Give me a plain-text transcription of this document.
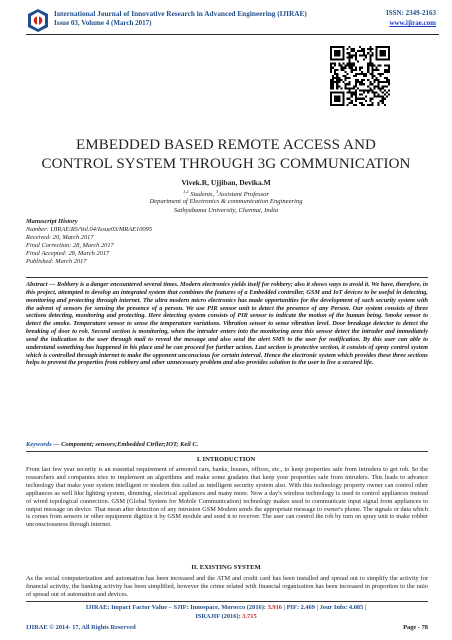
International Journal of Innovative Research in Advanced Engineering (IJIRAE)
Issue 03, Volume 4 (March 2017)
ISSN: 2349-2163
www.ijirae.com
EMBEDDED BASED REMOTE ACCESS AND
CONTROL SYSTEM THROUGH 3G COMMUNICATION
Vivek.R, Ujjiban, Devika.M
$^{1,2}$ Students, $^3$Assistant Professor
Department of Electronics & communication Engineering
Sathyabama University, Chennai, India
Manuscript History
Number: IJIRAE/RS/Vol.04/Issue03/MRAE10095
Received: 20, March 2017
Final Correction: 28, March 2017
Final Accepted: 28, March 2017
Published: March 2017
Abstract — Robbery is a danger encountered several times. Modern electronics yields itself for robbery; also it shows ways to avoid it. We have, therefore, in this project, attempted to develop an integrated system that combines the features of a Embedded controller, GSM and IoT devices to be useful in detecting, monitoring and protecting through internet. The ultra modern micro electronics has made opportunities for the development of such security system with the advent of sensors for sensing the presence of a person. We use PIR sensor unit to detect the presence of any Person. Our system consists of three sections detecting, monitoring and protecting. Here detecting system consists of PIR sensor to indicate the motion of the human being. Smoke sensor to detect the smoke. Temperature sensor to sense the temperature variations. Vibration sensor to sense vibration level. Door breakage detector to detect the breaking of door to rob. Second section is monitoring, when the intruder enters into the monitoring area this sensor detect the intruder and immediately send the indication to the user through mail to reveal the message and also send the alert SMS to the user for notification. By this user can able to understand something has happened in his place and he can proceed for further action. Last section is protective section, it consists of spray control system which is controlled through internet to make the opponent unconscious for certain interval. Hence the electronic system which provides these three sections helps to prevent the properties from robbery and other unnecessary problem and also provides solution to the user to live a secured life.
Keywords — Component; sensors;Embedded Ctrller;IOT; Keil C.
I. INTRODUCTION
From last few year security is an essential requirement of armored cars, banks, houses, offices, etc., to keep properties safe from intruders to get rob. So the researchers and companies tries to implement an algorithms and make some gradates that keep your properties safe from intruders. This leads to advance technology that make your system intelligent or modern this called as intelligent security system also. With this technology property owner can control other appliances as well like lighting system, dimming, electrical appliances and many more. Now a day's wireless technology is used to control appliances instead of wired topological connection. GSM (Global System for Mobile Communication) technology makes used to communicate input signal from appliances to output message on device. That mean after detection of any intrusion GSM Modem sends the appropriate message to owner's phone. The signals or data which is comes from sensors or other equipment digitize it by GSM module and send it to receiver. The user can control the rob by turn on spray unit to make robber unconsciousness through internet.
II. EXISTING SYSTEM
As the social computerization and automation has been increased and the ATM and credit card has been installed and spread out to simplify the activity for financial activity, the banking activity has been simplified, however the crime related with financial organization has been increased in proportion to the ratio of spread out of automation and devices.
IJIRAE: Impact Factor Value – SJIF: Innospace, Morocco (2016): 3.916 | PIF: 2.469 | Jour Info: 4.085 |
ISRAJIF (2016): 3.715
IJIRAE © 2014- 17, All Rights Reserved	Page - 78
